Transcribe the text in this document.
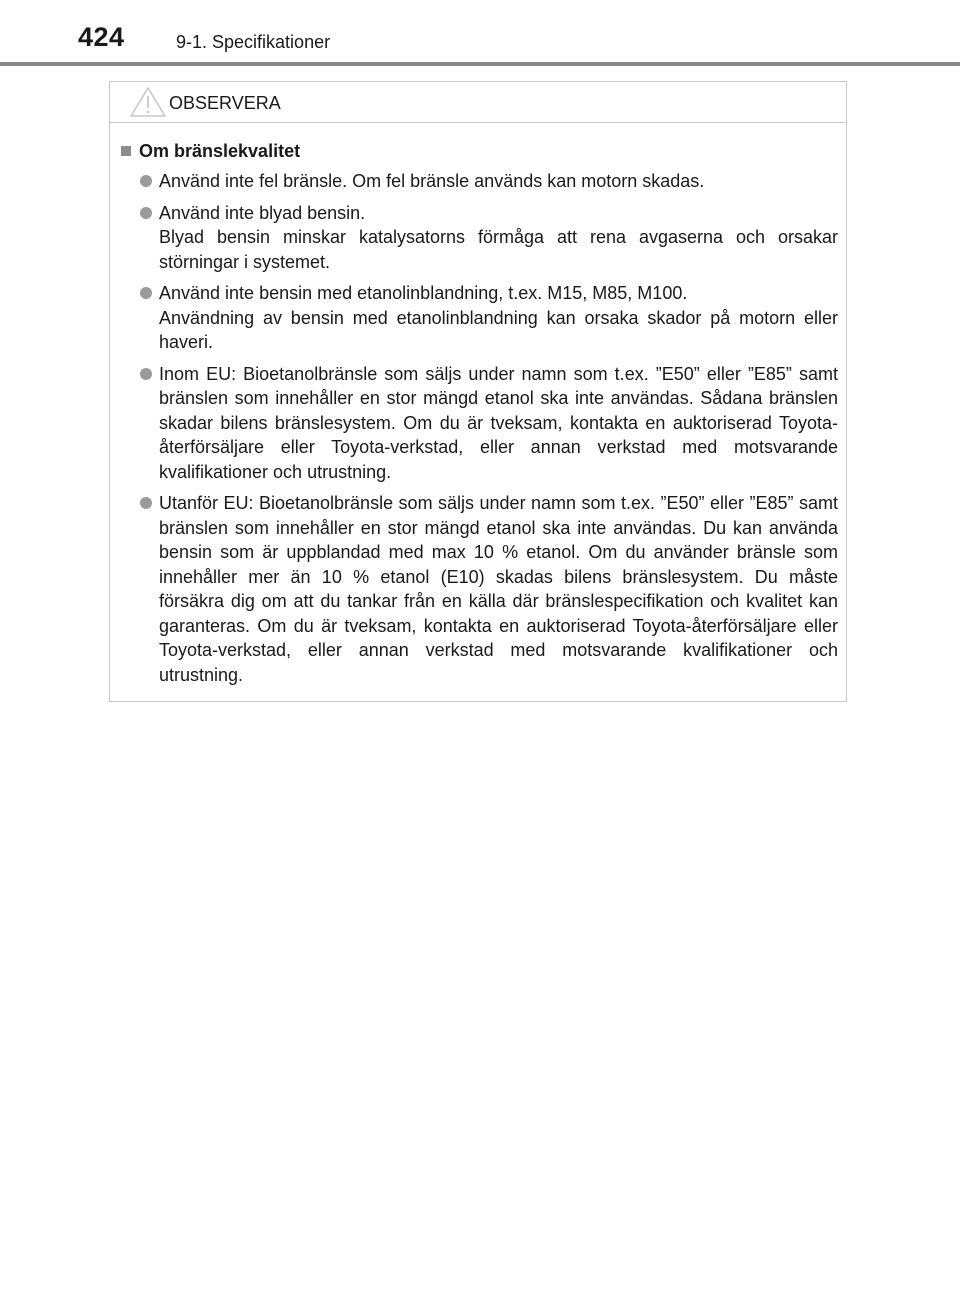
424	9-1. Specifikationer
OBSERVERA
Om bränslekvalitet
Använd inte fel bränsle. Om fel bränsle används kan motorn skadas.
Använd inte blyad bensin.
Blyad bensin minskar katalysatorns förmåga att rena avgaserna och orsakar störningar i systemet.
Använd inte bensin med etanolinblandning, t.ex. M15, M85, M100.
Användning av bensin med etanolinblandning kan orsaka skador på motorn eller haveri.
Inom EU: Bioetanolbränsle som säljs under namn som t.ex. ”E50” eller ”E85” samt bränslen som innehåller en stor mängd etanol ska inte användas. Sådana bränslen skadar bilens bränslesystem. Om du är tveksam, kontakta en auktoriserad Toyota-återförsäljare eller Toyota-verkstad, eller annan verkstad med motsvarande kvalifikationer och utrustning.
Utanför EU: Bioetanolbränsle som säljs under namn som t.ex. ”E50” eller ”E85” samt bränslen som innehåller en stor mängd etanol ska inte användas. Du kan använda bensin som är uppblandad med max 10 % etanol. Om du använder bränsle som innehåller mer än 10 % etanol (E10) skadas bilens bränslesystem. Du måste försäkra dig om att du tankar från en källa där bränslespecifikation och kvalitet kan garanteras. Om du är tveksam, kontakta en auktoriserad Toyota-återförsäljare eller Toyota-verkstad, eller annan verkstad med motsvarande kvalifikationer och utrustning.
